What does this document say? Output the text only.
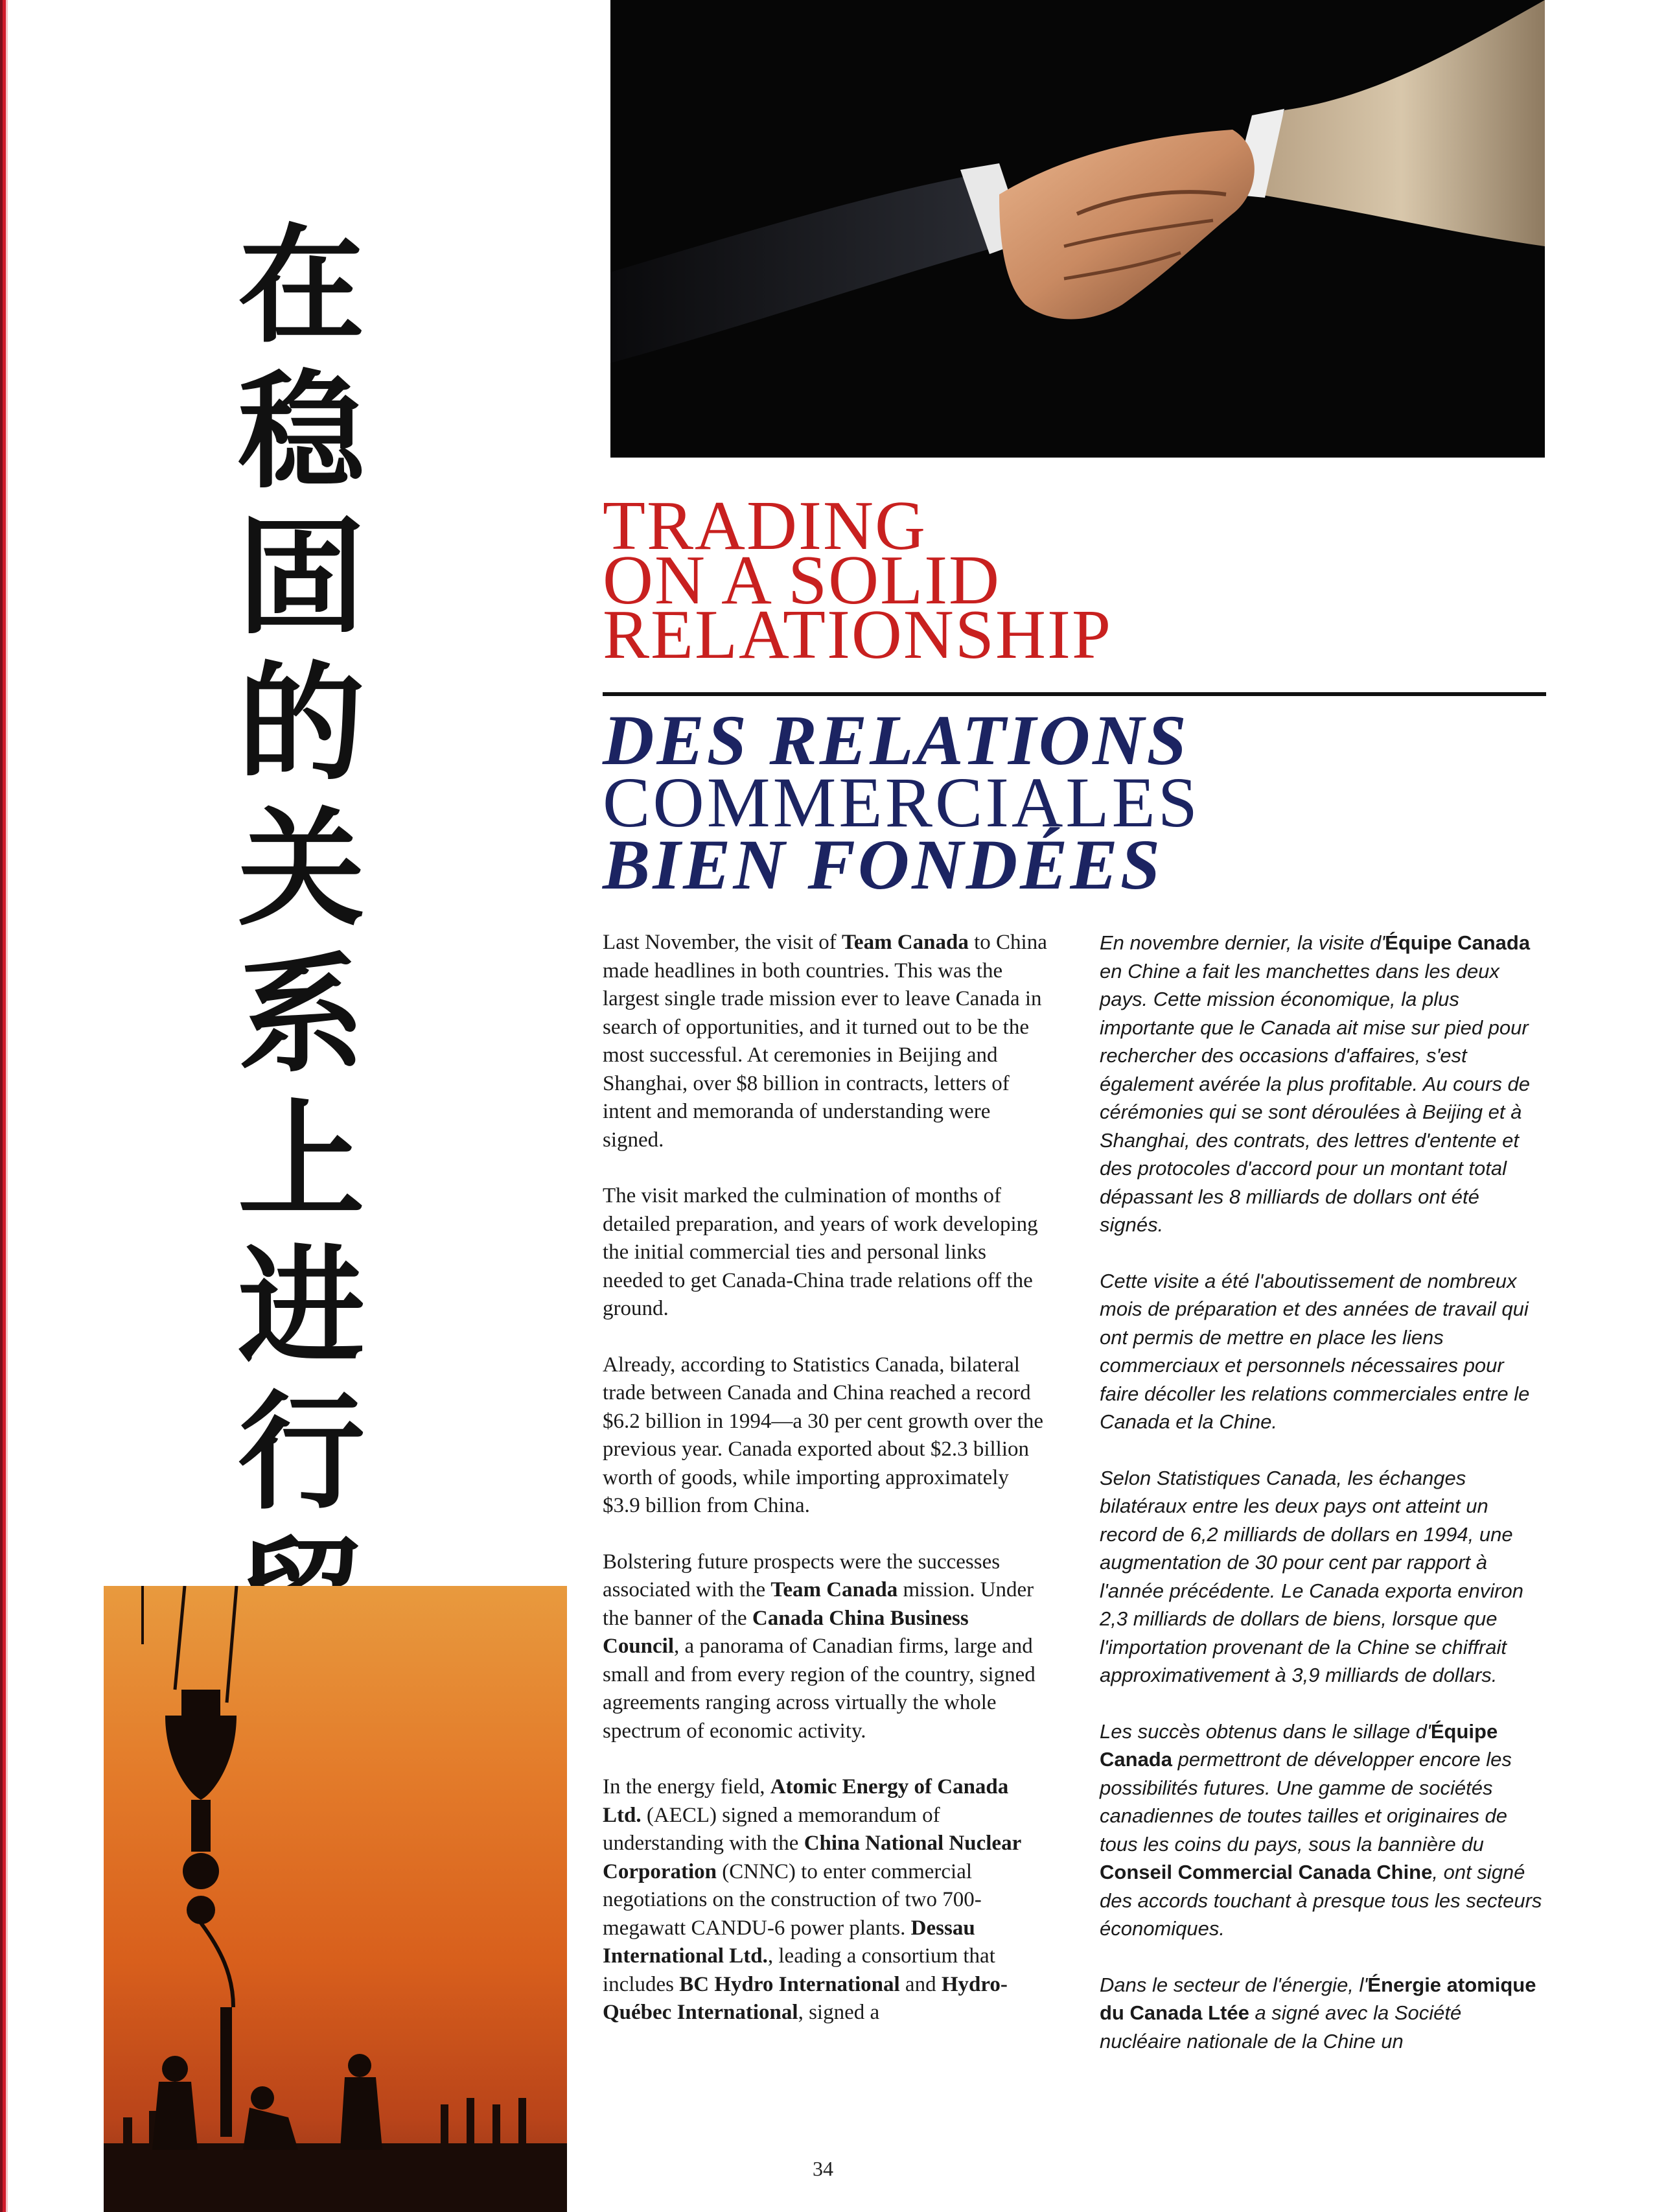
在
稳
固
的
关
系
上
进
行
TRADING
ON A SOLID
RELATIONSHIP
DES RELATIONS
COMMERCIALES
BIEN FONDÉES

Last November, the visit of Team Canada to China made headlines in both countries. This was the largest single trade mission ever to leave Canada in search of opportunities, and it turned out to be the most successful. At ceremonies in Beijing and Shanghai, over $8 billion in contracts, letters of intent and memoranda of understanding were signed.

The visit marked the culmination of months of detailed preparation, and years of work developing the initial commercial ties and personal links needed to get Canada-China trade relations off the ground.

Already, according to Statistics Canada, bilateral trade between Canada and China reached a record $6.2 billion in 1994—a 30 per cent growth over the previous year. Canada exported about $2.3 billion worth of goods, while importing approximately $3.9 billion from China.

Bolstering future prospects were the successes associated with the Team Canada mission. Under the banner of the Canada China Business Council, a panorama of Canadian firms, large and small and from every region of the country, signed agreements ranging across virtually the whole spectrum of economic activity.

In the energy field, Atomic Energy of Canada Ltd. (AECL) signed a memorandum of understanding with the China National Nuclear Corporation (CNNC) to enter commercial negotiations on the construction of two 700-megawatt CANDU-6 power plants. Dessau International Ltd., leading a consortium that includes BC Hydro International and Hydro-Québec International, signed a

En novembre dernier, la visite d'Équipe Canada en Chine a fait les manchettes dans les deux pays. Cette mission économique, la plus importante que le Canada ait mise sur pied pour rechercher des occasions d'affaires, s'est également avérée la plus profitable. Au cours de cérémonies qui se sont déroulées à Beijing et à Shanghai, des contrats, des lettres d'entente et des protocoles d'accord pour un montant total dépassant les 8 milliards de dollars ont été signés.

Cette visite a été l'aboutissement de nombreux mois de préparation et des années de travail qui ont permis de mettre en place les liens commerciaux et personnels nécessaires pour faire décoller les relations commerciales entre le Canada et la Chine.

Selon Statistiques Canada, les échanges bilatéraux entre les deux pays ont atteint un record de 6,2 milliards de dollars en 1994, une augmentation de 30 pour cent par rapport à l'année précédente. Le Canada exporta environ 2,3 milliards de dollars de biens, lorsque que l'importation provenant de la Chine se chiffrait approximativement à 3,9 milliards de dollars.

Les succès obtenus dans le sillage d'Équipe Canada permettront de développer encore les possibilités futures. Une gamme de sociétés canadiennes de toutes tailles et originaires de tous les coins du pays, sous la bannière du Conseil Commercial Canada Chine, ont signé des accords touchant à presque tous les secteurs économiques.

Dans le secteur de l'énergie, l'Énergie atomique du Canada Ltée a signé avec la Société nucléaire nationale de la Chine un

34
